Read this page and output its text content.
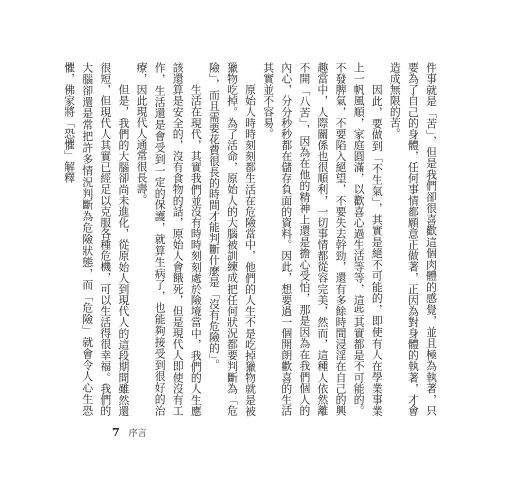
件事就是「苦」，但是我們卻很喜歡這個肉體的感覺，並且極為執著，只要為了自己的身體，任何事情都願意正做著，正因為對身體的執著，才會造成無限的苦。

因此，要做到「不生氣」，其實是絕不可能的，即使有人在學業事業上一帆風順，家庭圓滿，以歡喜心過生活等等，這些其實都是不可能的。不發脾氣，不要陷入絕望，不要失去幹勁，還有多餘時間浸淫在自己的興趣當中，人際關係也很順利，一切事情都從容完美，然而，這種人依然離不開「八苦」，因為在他的精神上還是擔心受怕，那是因為在我們個人的內心，分分秒秒都在儲存負面的資料。因此，想要過一個開朗歡喜的生活其實並不容易。

原始人時時刻刻都生活在危險當中，他們的人生不是吃掉獵物就是被獵物吃掉。為了活命，原始人的大腦被訓練成把任何狀況都要判斷為「危險」，而且需要花費很長的時間才能判斷什麼是「沒有危險的」。

生活在現代，其實我們並沒有時時刻刻處於險境當中，我們的人生應該還算是安全的，沒有食物的話，原始人會餓死，但是現代人即使沒有工作，生活還是會受到一定的保護，就算生病了，也能夠接受到很好的治療，因此現代人通常很長壽。

但是，我們的大腦卻尚未進化，從原始人到現代人的這段期間雖然還很短，但現代人其實已經足以克服各種危機，可以生活得很幸福。我們的大腦卻還是常把許多情況判斷為危險狀態，而「危險」就會令人心生恐懼，佛家將「恐懼」解釋

7 序言
